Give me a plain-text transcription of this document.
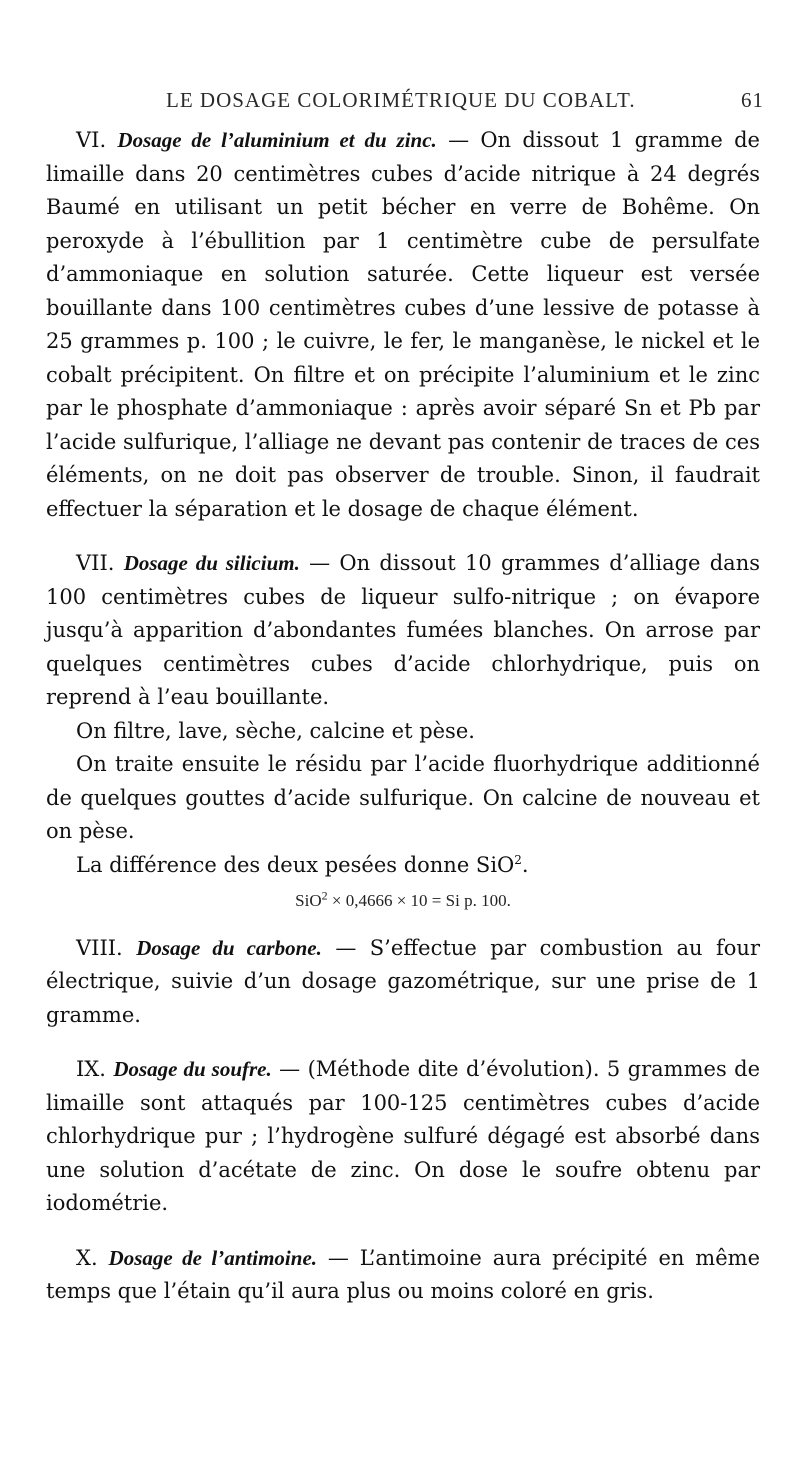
LE DOSAGE COLORIMÉTRIQUE DU COBALT.	61

VI. Dosage de l’aluminium et du zinc. — On dissout 1 gramme de limaille dans 20 centimètres cubes d’acide nitrique à 24 degrés Baumé en utilisant un petit bécher en verre de Bohême. On peroxyde à l’ébullition par 1 centimètre cube de persulfate d’ammoniaque en solution saturée. Cette liqueur est versée bouillante dans 100 centimètres cubes d’une lessive de potasse à 25 grammes p. 100 ; le cuivre, le fer, le manganèse, le nickel et le cobalt précipitent. On filtre et on précipite l’aluminium et le zinc par le phosphate d’ammoniaque : après avoir séparé Sn et Pb par l’acide sulfurique, l’alliage ne devant pas contenir de traces de ces éléments, on ne doit pas observer de trouble. Sinon, il faudrait effectuer la séparation et le dosage de chaque élément.

VII. Dosage du silicium. — On dissout 10 grammes d’alliage dans 100 centimètres cubes de liqueur sulfo-nitrique ; on évapore jusqu’à apparition d’abondantes fumées blanches. On arrose par quelques centimètres cubes d’acide chlorhydrique, puis on reprend à l’eau bouillante.

On filtre, lave, sèche, calcine et pèse.

On traite ensuite le résidu par l’acide fluorhydrique additionné de quelques gouttes d’acide sulfurique. On calcine de nouveau et on pèse.

La différence des deux pesées donne SiO$^2$.

SiO$^2$ × 0,4666 × 10 = Si p. 100.

VIII. Dosage du carbone. — S’effectue par combustion au four électrique, suivie d’un dosage gazométrique, sur une prise de 1 gramme.

IX. Dosage du soufre. — (Méthode dite d’évolution). 5 grammes de limaille sont attaqués par 100-125 centimètres cubes d’acide chlorhydrique pur ; l’hydrogène sulfuré dégagé est absorbé dans une solution d’acétate de zinc. On dose le soufre obtenu par iodométrie.

X. Dosage de l’antimoine. — L’antimoine aura précipité en même temps que l’étain qu’il aura plus ou moins coloré en gris.
